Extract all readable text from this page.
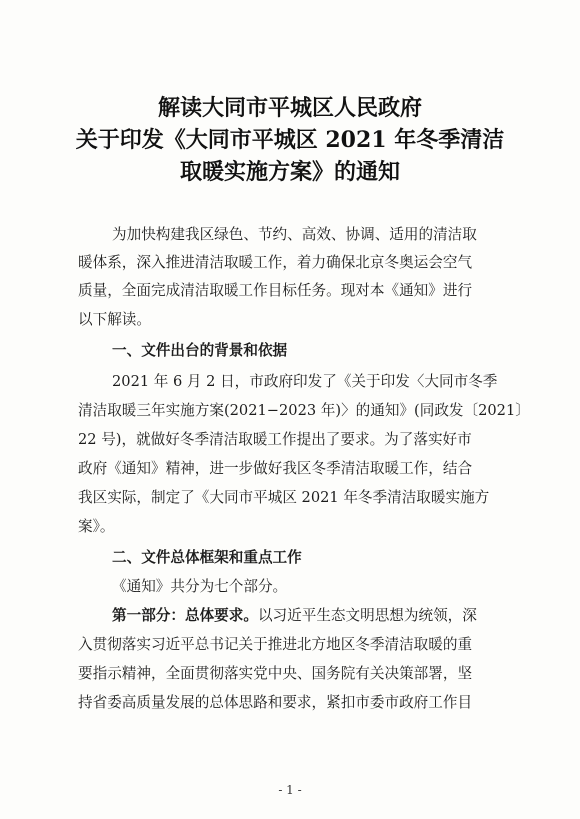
解读大同市平城区人民政府
关于印发《大同市平城区 2021 年冬季清洁
取暖实施方案》的通知
为加快构建我区绿色、节约、高效、协调、适用的清洁取
暖体系，深入推进清洁取暖工作，着力确保北京冬奥运会空气
质量，全面完成清洁取暖工作目标任务。现对本《通知》进行
以下解读。
一、文件出台的背景和依据
2021 年 6 月 2 日，市政府印发了《关于印发〈大同市冬季
清洁取暖三年实施方案(2021−2023 年)〉的通知》(同政发〔2021〕
22 号)，就做好冬季清洁取暖工作提出了要求。为了落实好市
政府《通知》精神，进一步做好我区冬季清洁取暖工作，结合
我区实际，制定了《大同市平城区 2021 年冬季清洁取暖实施方
案》。
二、文件总体框架和重点工作
《通知》共分为七个部分。
第一部分：总体要求。以习近平生态文明思想为统领，深
入贯彻落实习近平总书记关于推进北方地区冬季清洁取暖的重
要指示精神，全面贯彻落实党中央、国务院有关决策部署，坚
持省委高质量发展的总体思路和要求，紧扣市委市政府工作目
- 1 -
